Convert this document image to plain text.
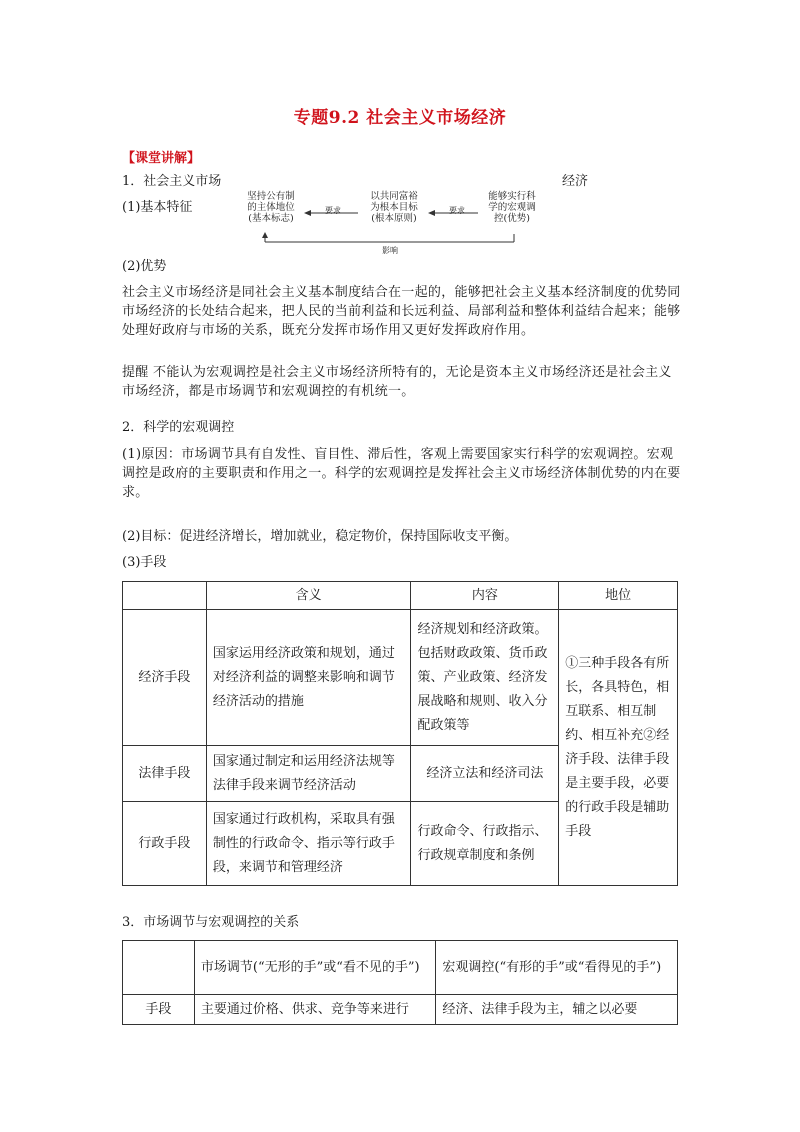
专题9.2 社会主义市场经济
【课堂讲解】
1．社会主义市场	经济
(1)基本特征
坚持公有制
的主体地位
(基本标志)
以共同富裕
为根本目标
(根本原则)
能够实行科
学的宏观调
控(优势)
要求	要求
影响
(2)优势
社会主义市场经济是同社会主义基本制度结合在一起的，能够把社会主义基本经济制度的优势同市场经济的长处结合起来，把人民的当前利益和长远利益、局部利益和整体利益结合起来；能够处理好政府与市场的关系，既充分发挥市场作用又更好发挥政府作用。
提醒 不能认为宏观调控是社会主义市场经济所特有的，无论是资本主义市场经济还是社会主义市场经济，都是市场调节和宏观调控的有机统一。
2．科学的宏观调控
(1)原因：市场调节具有自发性、盲目性、滞后性，客观上需要国家实行科学的宏观调控。宏观调控是政府的主要职责和作用之一。科学的宏观调控是发挥社会主义市场经济体制优势的内在要求。
(2)目标：促进经济增长，增加就业，稳定物价，保持国际收支平衡。
(3)手段
	含义	内容	地位
经济手段	国家运用经济政策和规划，通过对经济利益的调整来影响和调节经济活动的措施	经济规划和经济政策。包括财政政策、货币政策、产业政策、经济发展战略和规则、收入分配政策等	①三种手段各有所长，各具特色，相互联系、相互制约、相互补充②经济手段、法律手段是主要手段，必要的行政手段是辅助手段
法律手段	国家通过制定和运用经济法规等法律手段来调节经济活动	经济立法和经济司法	
行政手段	国家通过行政机构，采取具有强制性的行政命令、指示等行政手段，来调节和管理经济	行政命令、行政指示、行政规章制度和条例	
3．市场调节与宏观调控的关系
	市场调节(“无形的手”或“看不见的手”)	宏观调控(“有形的手”或“看得见的手”)
手段	主要通过价格、供求、竞争等来进行	经济、法律手段为主，辅之以必要
